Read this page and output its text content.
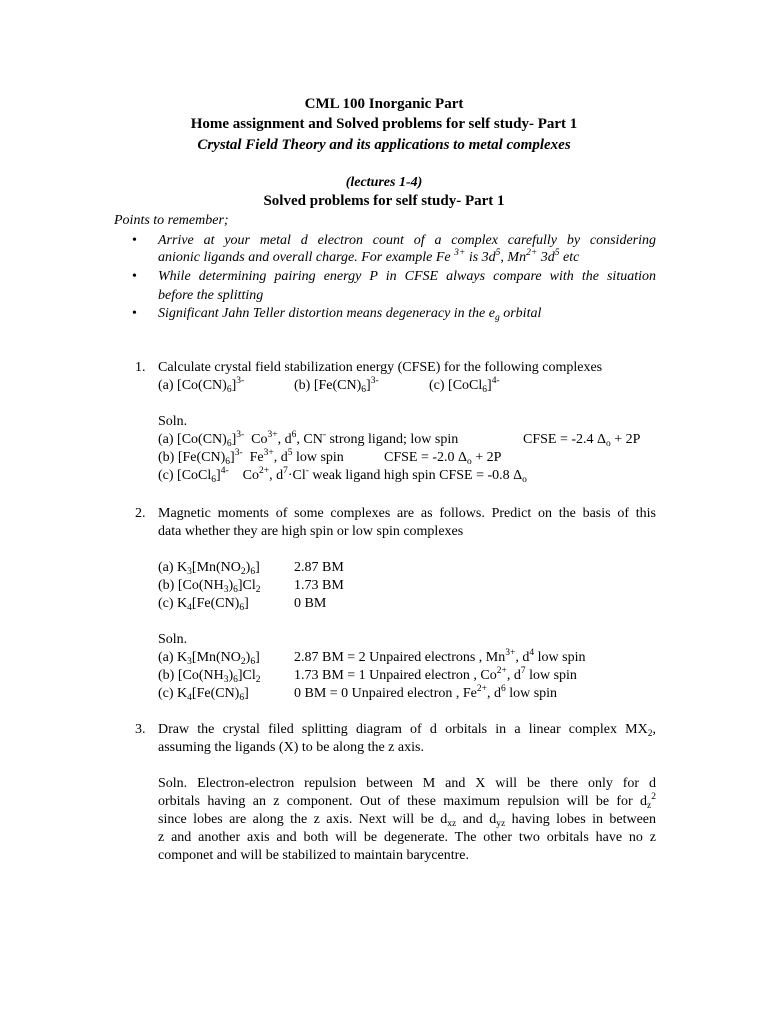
CML 100 Inorganic Part
Home assignment and Solved problems for self study- Part 1
Crystal Field Theory and its applications to metal complexes
(lectures 1-4)
Solved problems for self study- Part 1
Points to remember;
• Arrive at your metal d electron count of a complex carefully by considering
anionic ligands and overall charge. For example Fe $^{3+}$ is $3d^5$, $Mn^{2+}$ $3d^5$ etc
• While determining pairing energy P in CFSE always compare with the situation
before the splitting
• Significant Jahn Teller distortion means degeneracy in the $e_g$ orbital
1. Calculate crystal field stabilization energy (CFSE) for the following complexes
(a) $[Co(CN)_6]^{3-}$	(b) $[Fe(CN)_6]^{3-}$	(c) [CoCl$_6$]$^{4-}$
Soln.
(a) $[Co(CN)_6]^{3-}$ $Co^{3+}$, $d^6$, CN- strong ligand; low spin	CFSE = -2.4 $\Delta_o + 2P$
(b) $[Fe(CN)_6]^{3-}$ $Fe^{3+}$, $d^5$ low spin	CFSE = -2.0 $\Delta_o + 2P$
(c) [CoCl$_6$]$^{4-}$ $Co^{2+}$, $d^7\cdot Cl^-$ weak ligand high spin CFSE = -0.8 $\Delta_o$
2. Magnetic moments of some complexes are as follows. Predict on the basis of this
data whether they are high spin or low spin complexes
(a) $K_3[Mn(NO_2)_6]$ 2.87 BM
(b) $[Co(NH_3)_6]Cl_2$ 1.73 BM
(c) $K_4[Fe(CN)_6]$	0 BM
Soln.
(a) $K_3[Mn(NO_2)_6]$ 2.87 BM = 2 Unpaired electrons , $Mn^{3+}$, $d^4$ low spin
(b) $[Co(NH_3)_6]Cl_2$ 1.73 BM = 1 Unpaired electron , $Co^{2+}$, $d^7$ low spin
(c) $K_4[Fe(CN)_6]$	0 BM = 0 Unpaired electron , $Fe^{2+}$, $d^6$ low spin
3. Draw the crystal filed splitting diagram of d orbitals in a linear complex $MX_2$,
assuming the ligands (X) to be along the z axis.
Soln. Electron-electron repulsion between M and X will be there only for d
orbitals having an z component. Out of these maximum repulsion will be for $d_z^2$
since lobes are along the z axis. Next will be $d_{xz}$ and $d_{yz}$ having lobes in between
z and another axis and both will be degenerate. The other two orbitals have no z
componet and will be stabilized to maintain barycentre.
